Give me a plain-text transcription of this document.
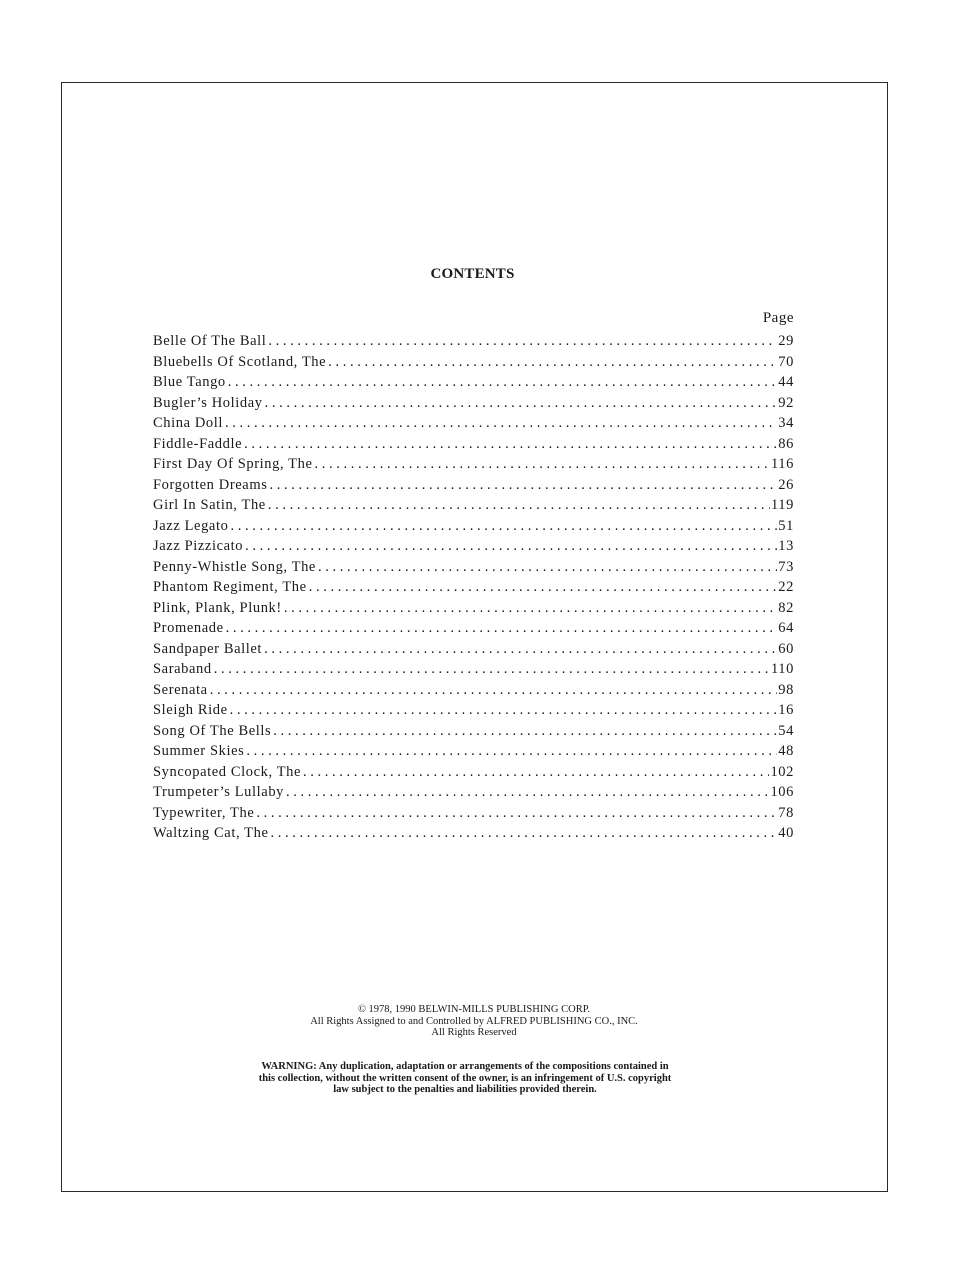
CONTENTS
Page
Belle Of The Ball . . .	29
Bluebells Of Scotland, The . . .	70
Blue Tango . . .	44
Bugler’s Holiday . . .	92
China Doll . . .	34
Fiddle-Faddle . . .	86
First Day Of Spring, The . . .	116
Forgotten Dreams . . .	26
Girl In Satin, The . . .	119
Jazz Legato . . .	51
Jazz Pizzicato . . .	13
Penny-Whistle Song, The . . .	73
Phantom Regiment, The . . .	22
Plink, Plank, Plunk! . . .	82
Promenade . . .	64
Sandpaper Ballet . . .	60
Saraband . . .	110
Serenata . . .	98
Sleigh Ride . . .	16
Song Of The Bells . . .	54
Summer Skies . . .	48
Syncopated Clock, The . . .	102
Trumpeter’s Lullaby . . .	106
Typewriter, The . . .	78
Waltzing Cat, The . . .	40
© 1978, 1990 BELWIN-MILLS PUBLISHING CORP.
All Rights Assigned to and Controlled by ALFRED PUBLISHING CO., INC.
All Rights Reserved
WARNING: Any duplication, adaptation or arrangements of the compositions contained in
this collection, without the written consent of the owner, is an infringement of U.S. copyright
law subject to the penalties and liabilities provided therein.
